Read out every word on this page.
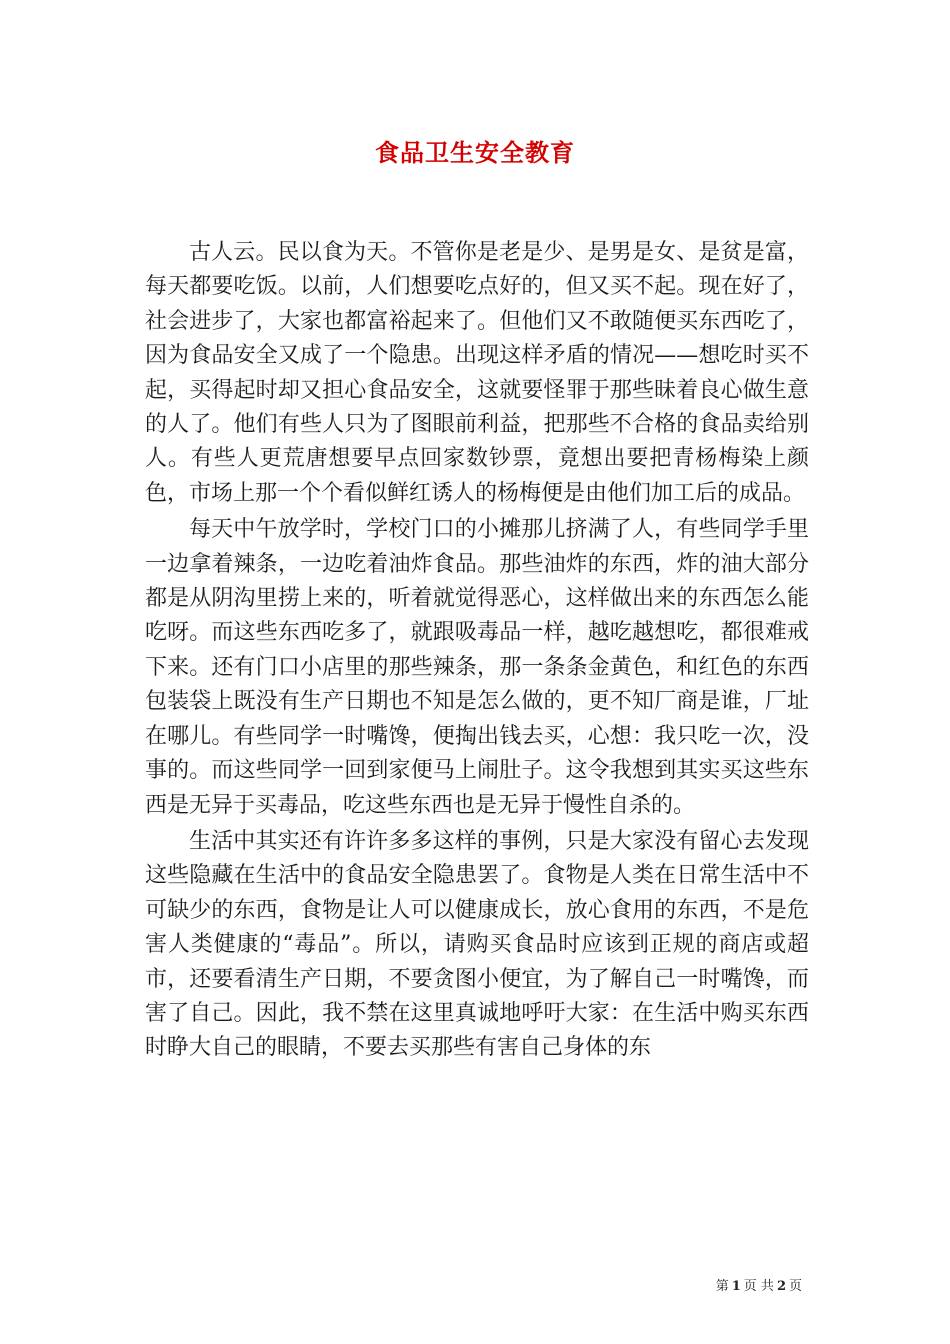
食品卫生安全教育

古人云。民以食为天。不管你是老是少、是男是女、是贫是富，每天都要吃饭。以前，人们想要吃点好的，但又买不起。现在好了，社会进步了，大家也都富裕起来了。但他们又不敢随便买东西吃了，因为食品安全又成了一个隐患。出现这样矛盾的情况——想吃时买不起，买得起时却又担心食品安全，这就要怪罪于那些昧着良心做生意的人了。他们有些人只为了图眼前利益，把那些不合格的食品卖给别人。有些人更荒唐想要早点回家数钞票，竟想出要把青杨梅染上颜色，市场上那一个个看似鲜红诱人的杨梅便是由他们加工后的成品。

每天中午放学时，学校门口的小摊那儿挤满了人，有些同学手里一边拿着辣条，一边吃着油炸食品。那些油炸的东西，炸的油大部分都是从阴沟里捞上来的，听着就觉得恶心，这样做出来的东西怎么能吃呀。而这些东西吃多了，就跟吸毒品一样，越吃越想吃，都很难戒下来。还有门口小店里的那些辣条，那一条条金黄色，和红色的东西包装袋上既没有生产日期也不知是怎么做的，更不知厂商是谁，厂址在哪儿。有些同学一时嘴馋，便掏出钱去买，心想：我只吃一次，没事的。而这些同学一回到家便马上闹肚子。这令我想到其实买这些东西是无异于买毒品，吃这些东西也是无异于慢性自杀的。

生活中其实还有许许多多这样的事例，只是大家没有留心去发现这些隐藏在生活中的食品安全隐患罢了。食物是人类在日常生活中不可缺少的东西，食物是让人可以健康成长，放心食用的东西，不是危害人类健康的“毒品”。所以，请购买食品时应该到正规的商店或超市，还要看清生产日期，不要贪图小便宜，为了解自己一时嘴馋，而害了自己。因此，我不禁在这里真诚地呼吁大家：在生活中购买东西时睁大自己的眼睛，不要去买那些有害自己身体的东

第 1 页 共 2 页
